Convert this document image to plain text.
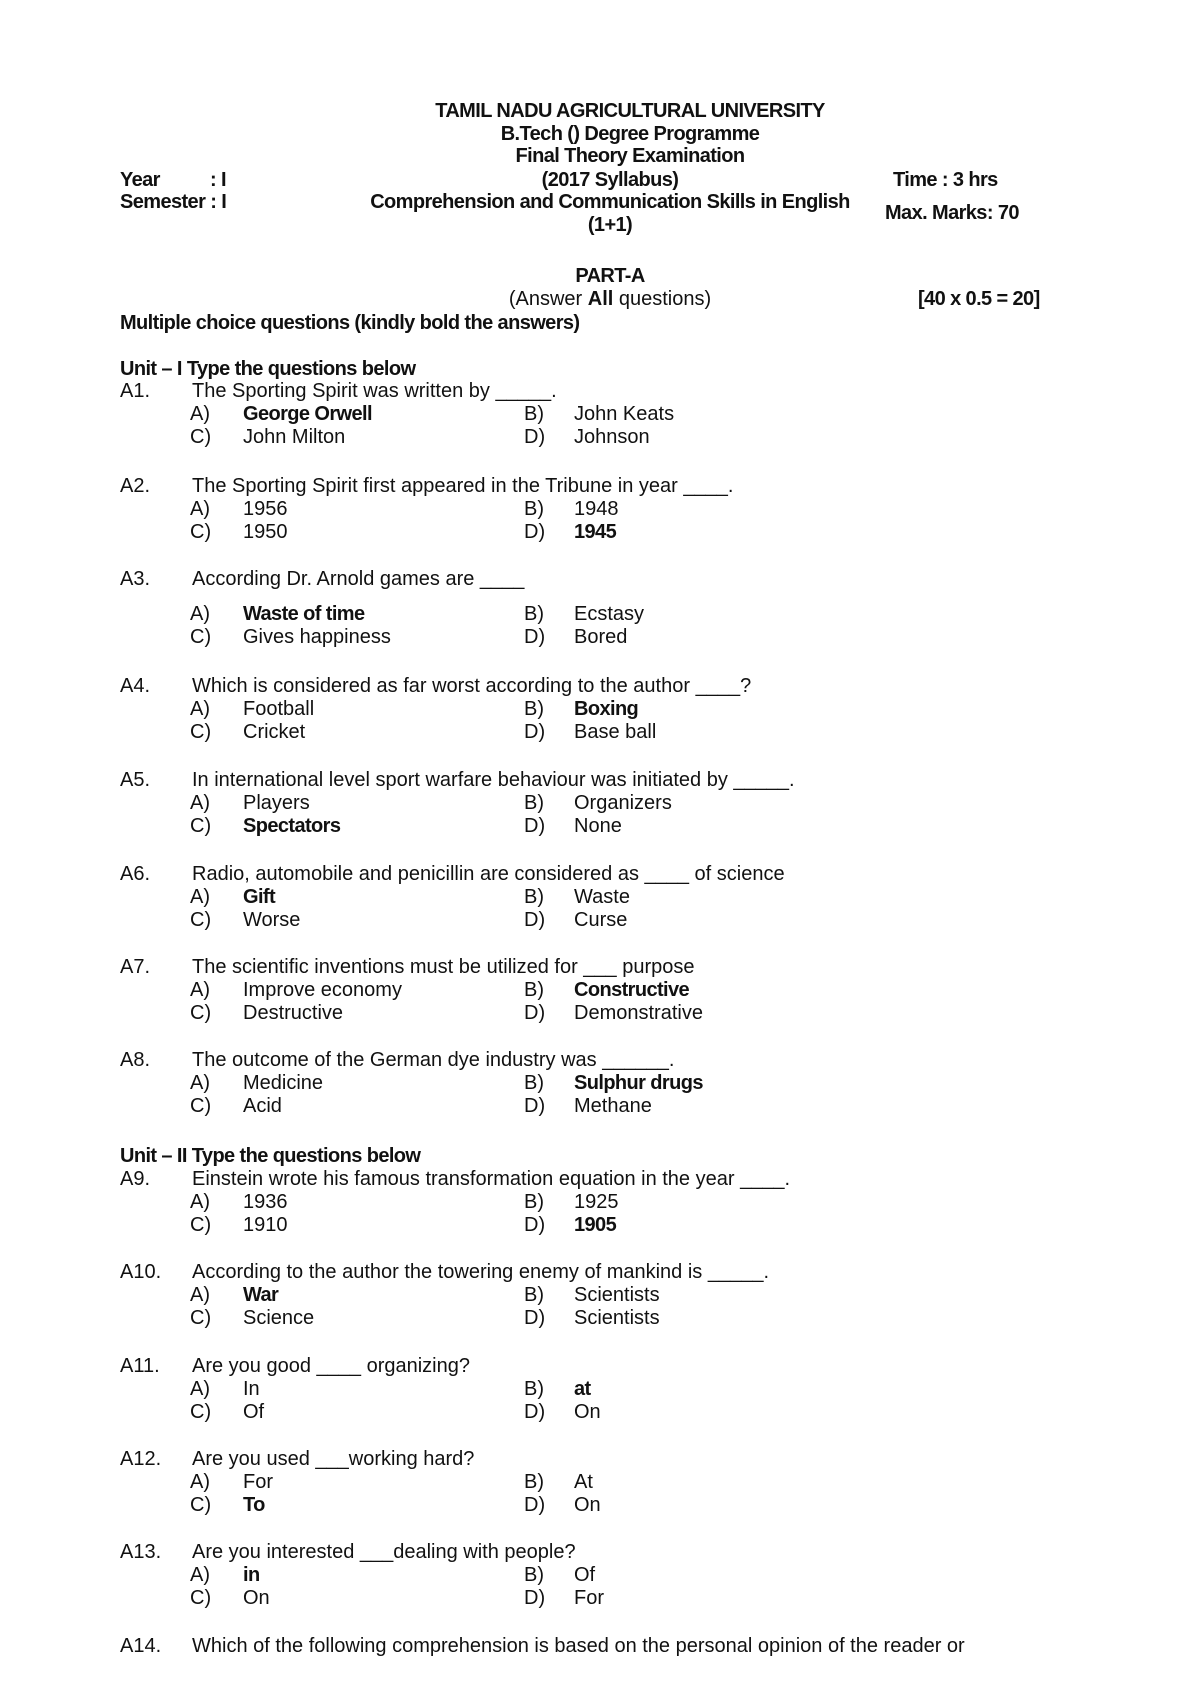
TAMIL NADU AGRICULTURAL UNIVERSITY
B.Tech () Degree Programme
Final Theory Examination
Year	: I	(2017 Syllabus)	Time : 3 hrs
Semester : I	Comprehension and Communication Skills in English
(1+1)
Max. Marks: 70
PART-A
(Answer All questions)	[40 x 0.5 = 20]
Multiple choice questions (kindly bold the answers)
Unit – I Type the questions below
Unit – II Type the questions below
A1. The Sporting Spirit was written by _____.
A) George Orwell	B) John Keats
C) John Milton	D) Johnson
A2. The Sporting Spirit first appeared in the Tribune in year ____.
A) 1956	B) 1948
C) 1950	D) 1945
A3. According Dr. Arnold games are ____
A) Waste of time	B) Ecstasy
C) Gives happiness	D) Bored
A4. Which is considered as far worst according to the author ____?
A) Football	B) Boxing
C) Cricket	D) Base ball
A5. In international level sport warfare behaviour was initiated by _____.
A) Players	B) Organizers
C) Spectators	D) None
A6. Radio, automobile and penicillin are considered as ____ of science
A) Gift	B) Waste
C) Worse	D) Curse
A7. The scientific inventions must be utilized for ___ purpose
A) Improve economy	B) Constructive
C) Destructive	D) Demonstrative
A8. The outcome of the German dye industry was ______.
A) Medicine	B) Sulphur drugs
C) Acid	D) Methane
A9. Einstein wrote his famous transformation equation in the year ____.
A) 1936	B) 1925
C) 1910	D) 1905
A10. According to the author the towering enemy of mankind is _____.
A) War	B) Scientists
C) Science	D) Scientists
A11. Are you good ____ organizing?
A) In	B) at
C) Of	D) On
A12. Are you used ___working hard?
A) For	B) At
C) To	D) On
A13. Are you interested ___dealing with people?
A) in	B) Of
C) On	D) For
A14. Which of the following comprehension is based on the personal opinion of the reader or
